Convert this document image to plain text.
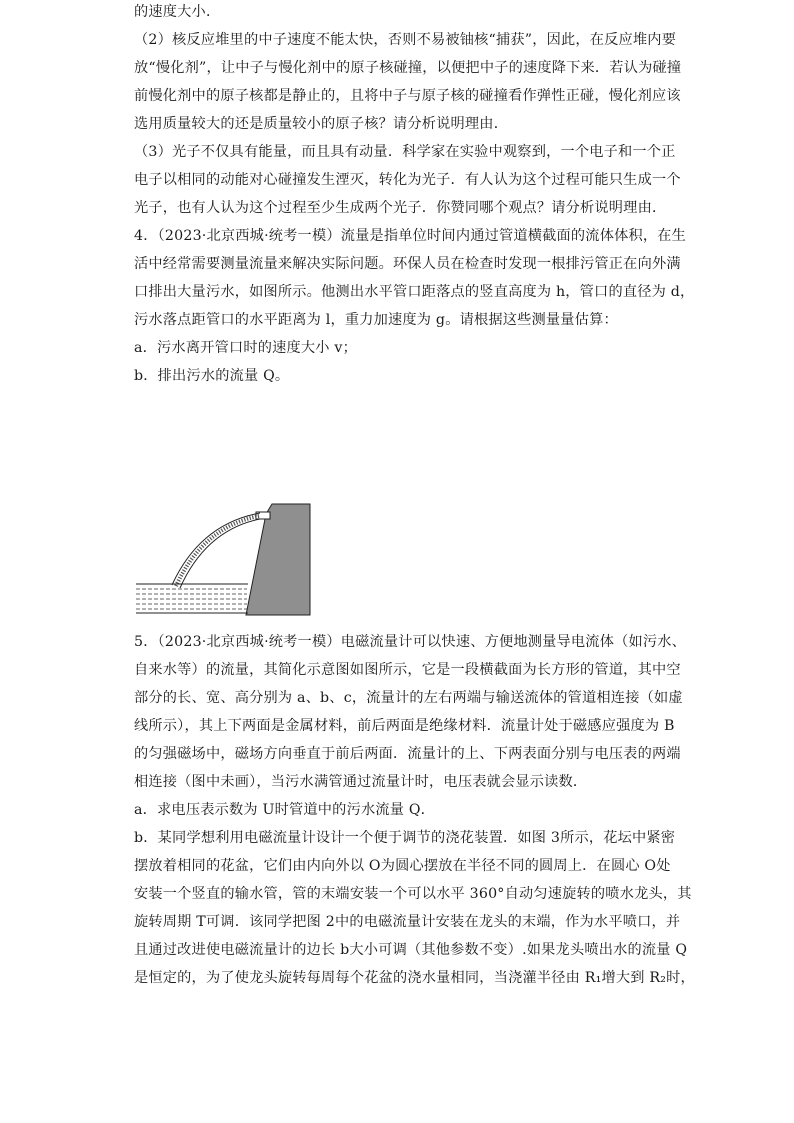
的速度大小．
（2）核反应堆里的中子速度不能太快，否则不易被铀核“捕获”，因此，在反应堆内要
放“慢化剂”，让中子与慢化剂中的原子核碰撞，以便把中子的速度降下来．若认为碰撞
前慢化剂中的原子核都是静止的，且将中子与原子核的碰撞看作弹性正碰，慢化剂应该
选用质量较大的还是质量较小的原子核？请分析说明理由．
（3）光子不仅具有能量，而且具有动量．科学家在实验中观察到，一个电子和一个正
电子以相同的动能对心碰撞发生湮灭，转化为光子．有人认为这个过程可能只生成一个
光子，也有人认为这个过程至少生成两个光子．你赞同哪个观点？请分析说明理由．
4．（2023·北京西城·统考一模）流量是指单位时间内通过管道横截面的流体体积，在生
活中经常需要测量流量来解决实际问题。环保人员在检查时发现一根排污管正在向外满
口排出大量污水，如图所示。他测出水平管口距落点的竖直高度为 h，管口的直径为 d，
污水落点距管口的水平距离为 l，重力加速度为 g。请根据这些测量量估算：
a．污水离开管口时的速度大小 v；
b．排出污水的流量 Q。
5．（2023·北京西城·统考一模）电磁流量计可以快速、方便地测量导电流体（如污水、
自来水等）的流量，其简化示意图如图所示，它是一段横截面为长方形的管道，其中空
部分的长、宽、高分别为 a、b、c，流量计的左右两端与输送流体的管道相连接（如虚
线所示），其上下两面是金属材料，前后两面是绝缘材料．流量计处于磁感应强度为 B
的匀强磁场中，磁场方向垂直于前后两面．流量计的上、下两表面分别与电压表的两端
相连接（图中未画），当污水满管通过流量计时，电压表就会显示读数．
a．求电压表示数为 U时管道中的污水流量 Q．
b．某同学想利用电磁流量计设计一个便于调节的浇花装置．如图 3所示，花坛中紧密
摆放着相同的花盆，它们由内向外以 O为圆心摆放在半径不同的圆周上．在圆心 O处
安装一个竖直的输水管，管的末端安装一个可以水平 360°自动匀速旋转的喷水龙头，其
旋转周期 T可调．该同学把图 2中的电磁流量计安装在龙头的末端，作为水平喷口，并
且通过改进使电磁流量计的边长 b大小可调（其他参数不变）.如果龙头喷出水的流量 Q
是恒定的，为了使龙头旋转每周每个花盆的浇水量相同，当浇灌半径由 R₁增大到 R₂时，
